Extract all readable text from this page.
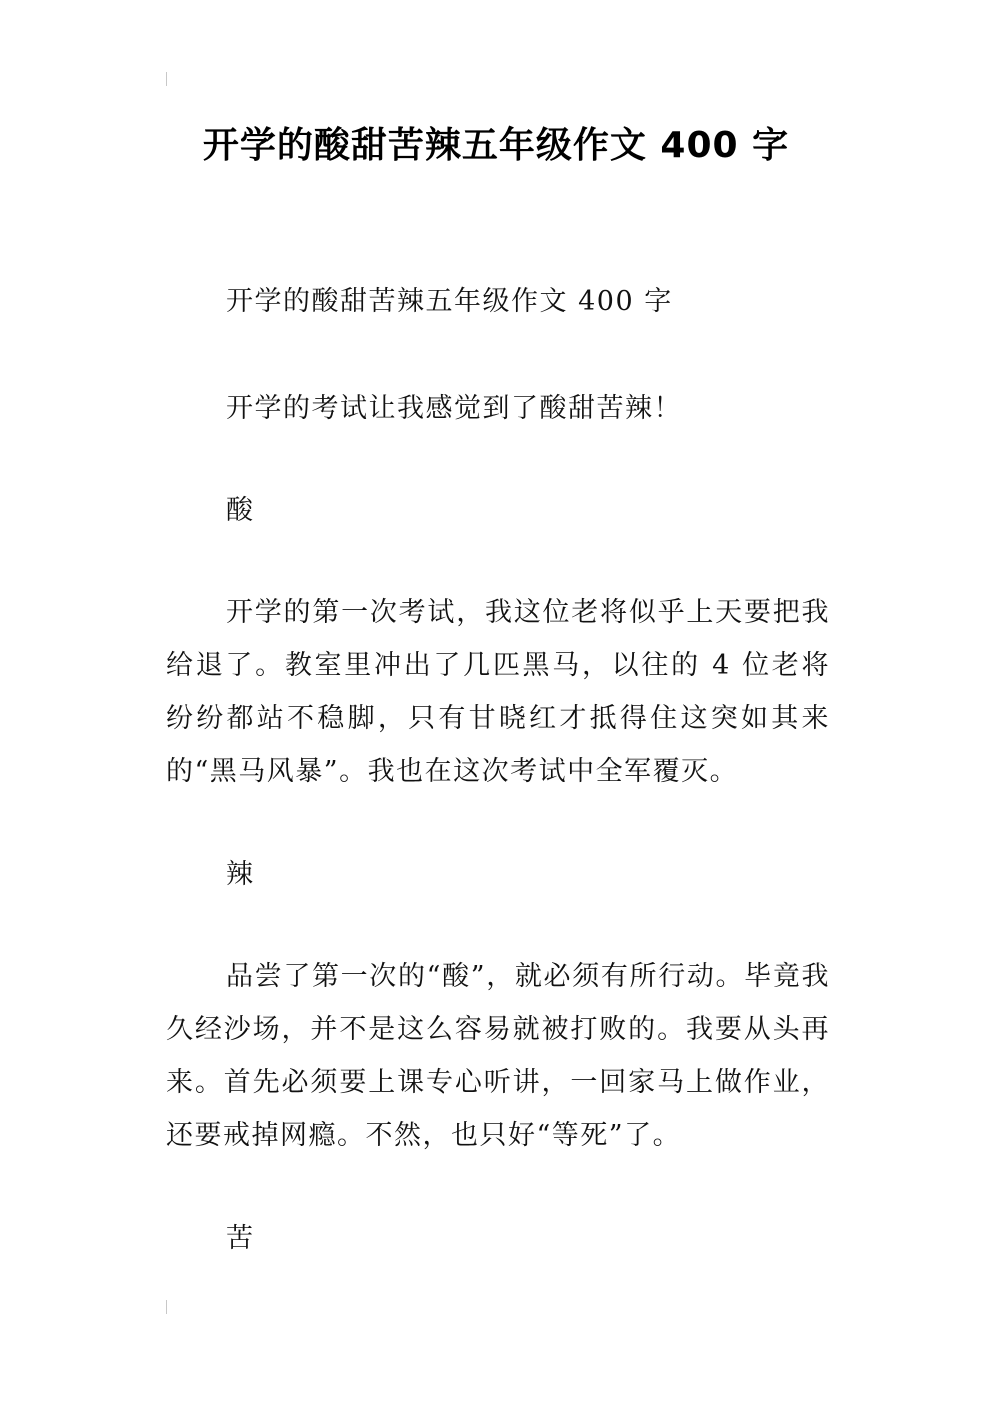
开学的酸甜苦辣五年级作文 400 字

开学的酸甜苦辣五年级作文 400 字

开学的考试让我感觉到了酸甜苦辣！

酸

开学的第一次考试，我这位老将似乎上天要把我给退了。教室里冲出了几匹黑马，以往的 4 位老将纷纷都站不稳脚，只有甘晓红才抵得住这突如其来的“黑马风暴”。我也在这次考试中全军覆灭。

辣

品尝了第一次的“酸”，就必须有所行动。毕竟我久经沙场，并不是这么容易就被打败的。我要从头再来。首先必须要上课专心听讲，一回家马上做作业，还要戒掉网瘾。不然，也只好“等死”了。

苦
